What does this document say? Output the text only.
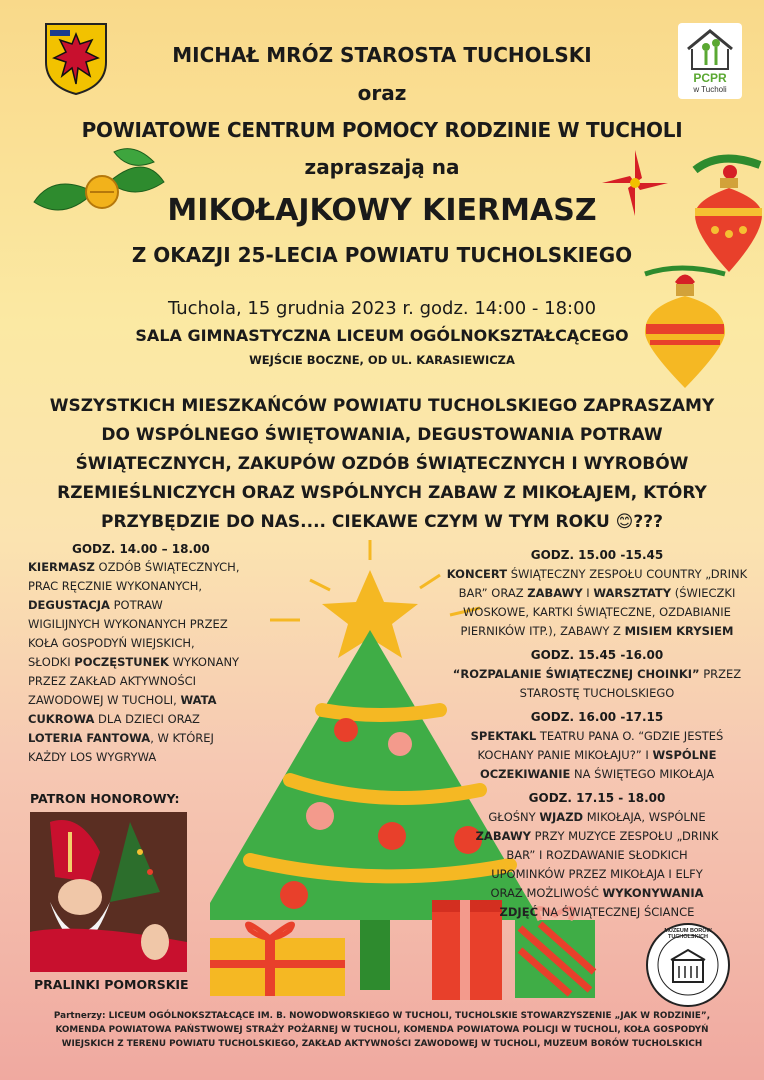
PCPR
w Tucholi
MICHAŁ MRÓZ STAROSTA TUCHOLSKI
oraz
POWIATOWE CENTRUM POMOCY RODZINIE W TUCHOLI
zapraszają na
MIKOŁAJKOWY KIERMASZ
Z OKAZJI 25-LECIA POWIATU TUCHOLSKIEGO
Tuchola, 15 grudnia 2023 r. godz. 14:00 - 18:00
SALA GIMNASTYCZNA LICEUM OGÓLNOKSZTAŁCĄCEGO
WEJŚCIE BOCZNE, OD UL. KARASIEWICZA
WSZYSTKICH MIESZKAŃCÓW POWIATU TUCHOLSKIEGO ZAPRASZAMY
DO WSPÓLNEGO ŚWIĘTOWANIA, DEGUSTOWANIA POTRAW
ŚWIĄTECZNYCH, ZAKUPÓW OZDÓB ŚWIĄTECZNYCH I WYROBÓW
RZEMIEŚLNICZYCH ORAZ WSPÓLNYCH ZABAW Z MIKOŁAJEM, KTÓRY
PRZYBĘDZIE DO NAS.... CIEKAWE CZYM W TYM ROKU 😊???
GODZ. 14.00 – 18.00
KIERMASZ OZDÓB ŚWIĄTECZNYCH,
PRAC RĘCZNIE WYKONANYCH,
DEGUSTACJA POTRAW
WIGILIJNYCH WYKONANYCH PRZEZ
KOŁA GOSPODYŃ WIEJSKICH,
SŁODKI POCZĘSTUNEK WYKONANY
PRZEZ ZAKŁAD AKTYWNOŚCI
ZAWODOWEJ W TUCHOLI, WATA
CUKROWA DLA DZIECI ORAZ
LOTERIA FANTOWA, W KTÓREJ
KAŻDY LOS WYGRYWA
GODZ. 15.00 -15.45
KONCERT ŚWIĄTECZNY ZESPOŁU COUNTRY „DRINK
BAR” ORAZ ZABAWY I WARSZTATY (ŚWIECZKI
WOSKOWE, KARTKI ŚWIĄTECZNE, OZDABIANIE
PIERNIKÓW ITP.), ZABAWY Z MISIEM KRYSIEM
GODZ. 15.45 -16.00
“ROZPALANIE ŚWIĄTECZNEJ CHOINKI” PRZEZ
STAROSTĘ TUCHOLSKIEGO
GODZ. 16.00 -17.15
SPEKTAKL TEATRU PANA O. “GDZIE JESTEŚ
KOCHANY PANIE MIKOŁAJU?” I WSPÓLNE
OCZEKIWANIE NA ŚWIĘTEGO MIKOŁAJA
GODZ. 17.15 - 18.00
GŁOŚNY WJAZD MIKOŁAJA, WSPÓLNE
ZABAWY PRZY MUZYCE ZESPOŁU „DRINK
BAR” I ROZDAWANIE SŁODKICH
UPOMINKÓW PRZEZ MIKOŁAJA I ELFY
ORAZ MOŻLIWOŚĆ WYKONYWANIA
ZDJĘĆ NA ŚWIĄTECZNEJ ŚCIANCE
PATRON HONOROWY:
PRALINKI POMORSKIE
MUZEUM BORÓW TUCHOLSKICH
Partnerzy: LICEUM OGÓLNOKSZTAŁCĄCE IM. B. NOWODWORSKIEGO W TUCHOLI, TUCHOLSKIE STOWARZYSZENIE „JAK W RODZINIE”,
KOMENDA POWIATOWA PAŃSTWOWEJ STRAŻY POŻARNEJ W TUCHOLI, KOMENDA POWIATOWA POLICJI W TUCHOLI, KOŁA GOSPODYŃ
WIEJSKICH Z TERENU POWIATU TUCHOLSKIEGO, ZAKŁAD AKTYWNOŚCI ZAWODOWEJ W TUCHOLI, MUZEUM BORÓW TUCHOLSKICH
